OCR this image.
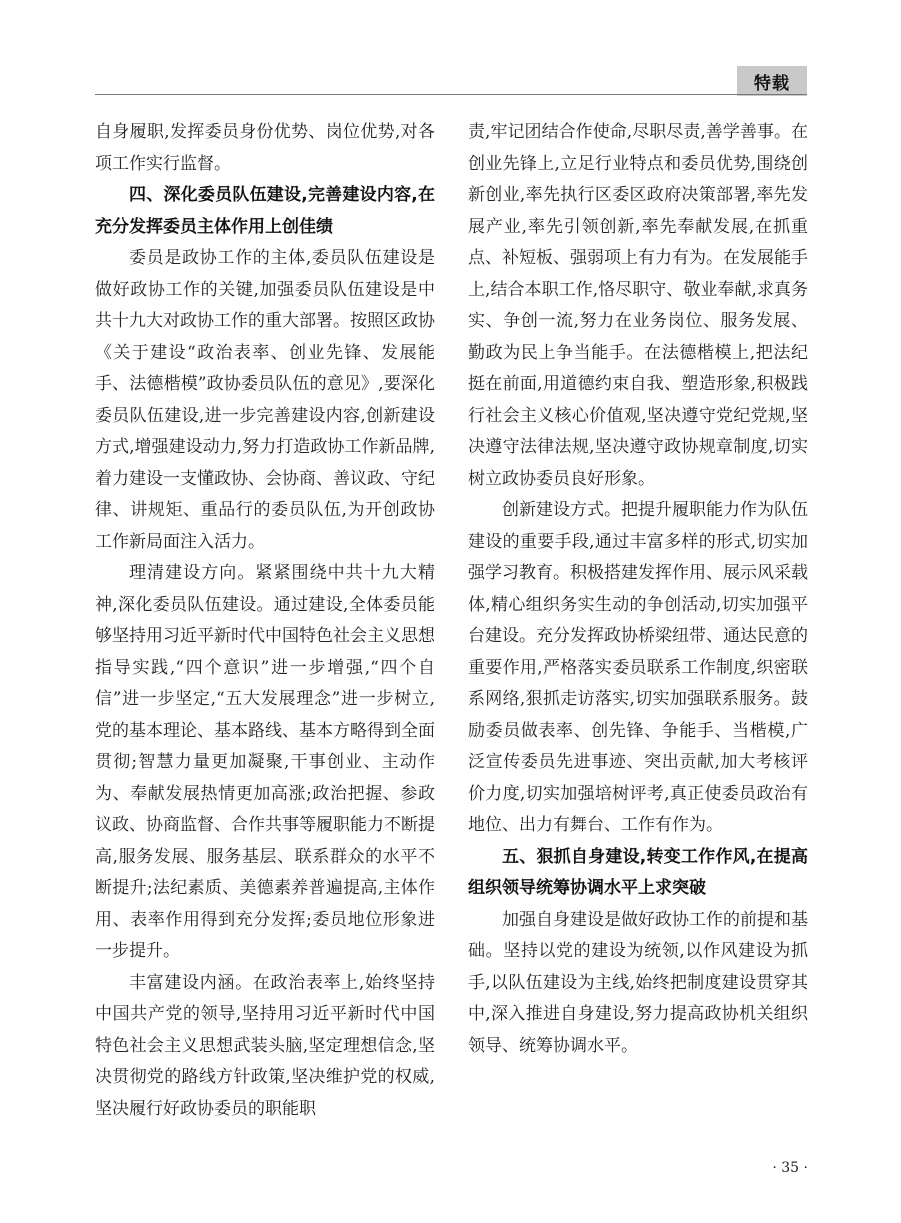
特载

自身履职,发挥委员身份优势、岗位优势,对各项工作实行监督。

四、深化委员队伍建设,完善建设内容,在充分发挥委员主体作用上创佳绩

委员是政协工作的主体,委员队伍建设是做好政协工作的关键,加强委员队伍建设是中共十九大对政协工作的重大部署。按照区政协《关于建设“政治表率、创业先锋、发展能手、法德楷模”政协委员队伍的意见》,要深化委员队伍建设,进一步完善建设内容,创新建设方式,增强建设动力,努力打造政协工作新品牌,着力建设一支懂政协、会协商、善议政、守纪律、讲规矩、重品行的委员队伍,为开创政协工作新局面注入活力。

理清建设方向。紧紧围绕中共十九大精神,深化委员队伍建设。通过建设,全体委员能够坚持用习近平新时代中国特色社会主义思想指导实践,“四个意识”进一步增强,“四个自信”进一步坚定,“五大发展理念”进一步树立,党的基本理论、基本路线、基本方略得到全面贯彻;智慧力量更加凝聚,干事创业、主动作为、奉献发展热情更加高涨;政治把握、参政议政、协商监督、合作共事等履职能力不断提高,服务发展、服务基层、联系群众的水平不断提升;法纪素质、美德素养普遍提高,主体作用、表率作用得到充分发挥;委员地位形象进一步提升。

丰富建设内涵。在政治表率上,始终坚持中国共产党的领导,坚持用习近平新时代中国特色社会主义思想武装头脑,坚定理想信念,坚决贯彻党的路线方针政策,坚决维护党的权威,坚决履行好政协委员的职能职

责,牢记团结合作使命,尽职尽责,善学善事。在创业先锋上,立足行业特点和委员优势,围绕创新创业,率先执行区委区政府决策部署,率先发展产业,率先引领创新,率先奉献发展,在抓重点、补短板、强弱项上有力有为。在发展能手上,结合本职工作,恪尽职守、敬业奉献,求真务实、争创一流,努力在业务岗位、服务发展、勤政为民上争当能手。在法德楷模上,把法纪挺在前面,用道德约束自我、塑造形象,积极践行社会主义核心价值观,坚决遵守党纪党规,坚决遵守法律法规,坚决遵守政协规章制度,切实树立政协委员良好形象。

创新建设方式。把提升履职能力作为队伍建设的重要手段,通过丰富多样的形式,切实加强学习教育。积极搭建发挥作用、展示风采载体,精心组织务实生动的争创活动,切实加强平台建设。充分发挥政协桥梁纽带、通达民意的重要作用,严格落实委员联系工作制度,织密联系网络,狠抓走访落实,切实加强联系服务。鼓励委员做表率、创先锋、争能手、当楷模,广泛宣传委员先进事迹、突出贡献,加大考核评价力度,切实加强培树评考,真正使委员政治有地位、出力有舞台、工作有作为。

五、狠抓自身建设,转变工作作风,在提高组织领导统筹协调水平上求突破

加强自身建设是做好政协工作的前提和基础。坚持以党的建设为统领,以作风建设为抓手,以队伍建设为主线,始终把制度建设贯穿其中,深入推进自身建设,努力提高政协机关组织领导、统筹协调水平。

· 35 ·
